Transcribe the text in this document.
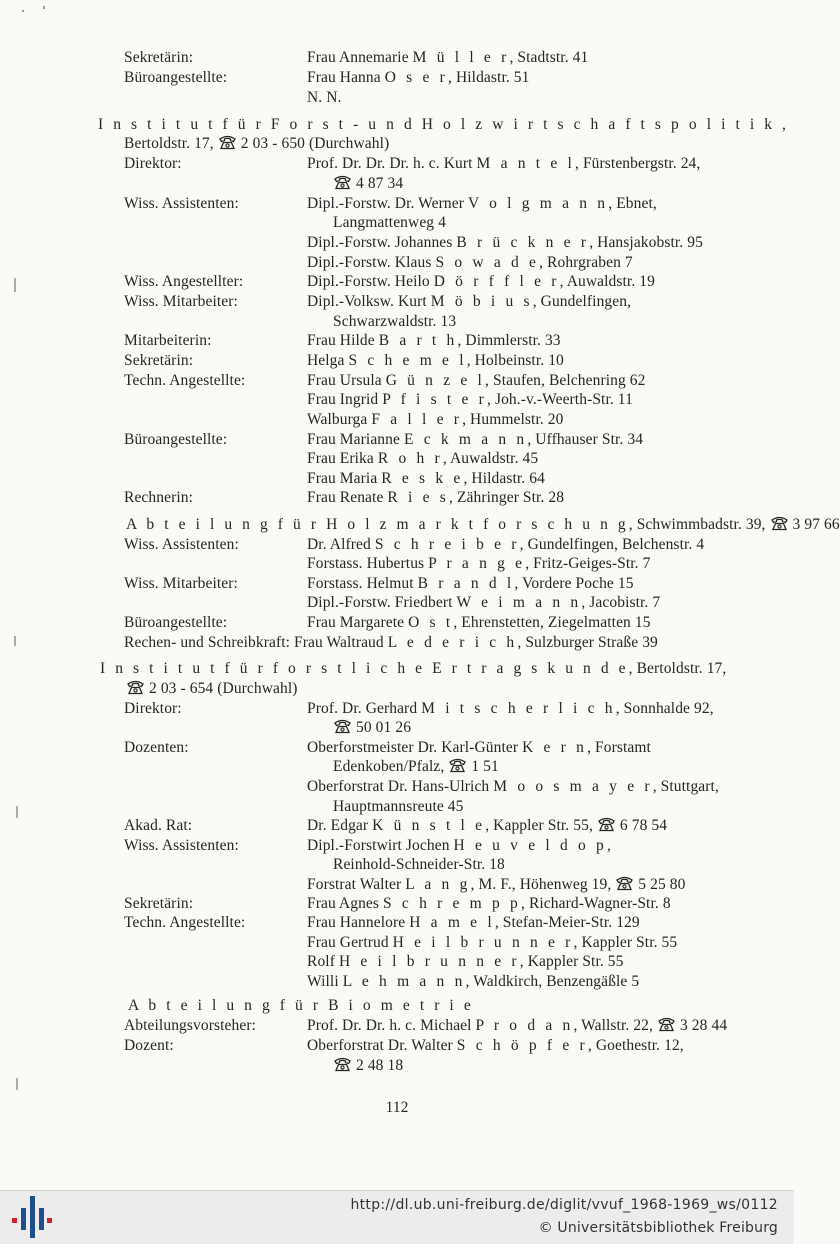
Sekretärin:	Frau Annemarie M ü l l e r, Stadtstr. 41
Büroangestellte:	Frau Hanna O s e r, Hildastr. 51
N. N.
I n s t i t u t f ü r F o r s t - u n d H o l z w i r t s c h a f t s p o l i t i k ,
Bertoldstr. 17, 2 03 - 650 (Durchwahl)
Direktor:	Prof. Dr. Dr. Dr. h. c. Kurt M a n t e l, Fürstenbergstr. 24,
4 87 34
Wiss. Assistenten:	Dipl.-Forstw. Dr. Werner V o l g m a n n, Ebnet,
Langmattenweg 4
Dipl.-Forstw. Johannes B r ü c k n e r, Hansjakobstr. 95
Dipl.-Forstw. Klaus S o w a d e, Rohrgraben 7
Wiss. Angestellter:	Dipl.-Forstw. Heilo D ö r f f l e r, Auwaldstr. 19
Wiss. Mitarbeiter:	Dipl.-Volksw. Kurt M ö b i u s, Gundelfingen,
Schwarzwaldstr. 13
Mitarbeiterin:	Frau Hilde B a r t h, Dimmlerstr. 33
Sekretärin:	Helga S c h e m e l, Holbeinstr. 10
Techn. Angestellte:	Frau Ursula G ü n z e l, Staufen, Belchenring 62
Frau Ingrid P f i s t e r, Joh.-v.-Weerth-Str. 11
Walburga F a l l e r, Hummelstr. 20
Büroangestellte:	Frau Marianne E c k m a n n, Uffhauser Str. 34
Frau Erika R o h r, Auwaldstr. 45
Frau Maria R e s k e, Hildastr. 64
Rechnerin:	Frau Renate R i e s, Zähringer Str. 28
A b t e i l u n g f ü r H o l z m a r k t f o r s c h u n g, Schwimmbadstr. 39, 3 97 66
Wiss. Assistenten:	Dr. Alfred S c h r e i b e r, Gundelfingen, Belchenstr. 4
Forstass. Hubertus P r a n g e, Fritz-Geiges-Str. 7
Wiss. Mitarbeiter:	Forstass. Helmut B r a n d l, Vordere Poche 15
Dipl.-Forstw. Friedbert W e i m a n n, Jacobistr. 7
Büroangestellte:	Frau Margarete O s t, Ehrenstetten, Ziegelmatten 15
Rechen- und Schreibkraft: Frau Waltraud L e d e r i c h, Sulzburger Straße 39
I n s t i t u t f ü r f o r s t l i c h e E r t r a g s k u n d e, Bertoldstr. 17,
2 03 - 654 (Durchwahl)
Direktor:	Prof. Dr. Gerhard M i t s c h e r l i c h, Sonnhalde 92,
50 01 26
Dozenten:	Oberforstmeister Dr. Karl-Günter K e r n, Forstamt
Edenkoben/Pfalz, 1 51
Oberforstrat Dr. Hans-Ulrich M o o s m a y e r, Stuttgart,
Hauptmannsreute 45
Akad. Rat:	Dr. Edgar K ü n s t l e, Kappler Str. 55, 6 78 54
Wiss. Assistenten:	Dipl.-Forstwirt Jochen H e u v e l d o p,
Reinhold-Schneider-Str. 18
Forstrat Walter L a n g, M. F., Höhenweg 19, 5 25 80
Sekretärin:	Frau Agnes S c h r e m p p, Richard-Wagner-Str. 8
Techn. Angestellte:	Frau Hannelore H a m e l, Stefan-Meier-Str. 129
Frau Gertrud H e i l b r u n n e r, Kappler Str. 55
Rolf H e i l b r u n n e r, Kappler Str. 55
Willi L e h m a n n, Waldkirch, Benzengäßle 5
A b t e i l u n g f ü r B i o m e t r i e
Abteilungsvorsteher:	Prof. Dr. Dr. h. c. Michael P r o d a n, Wallstr. 22, 3 28 44
Dozent:	Oberforstrat Dr. Walter S c h ö p f e r, Goethestr. 12,
2 48 18
112
http://dl.ub.uni-freiburg.de/diglit/vvuf_1968-1969_ws/0112
© Universitätsbibliothek Freiburg
